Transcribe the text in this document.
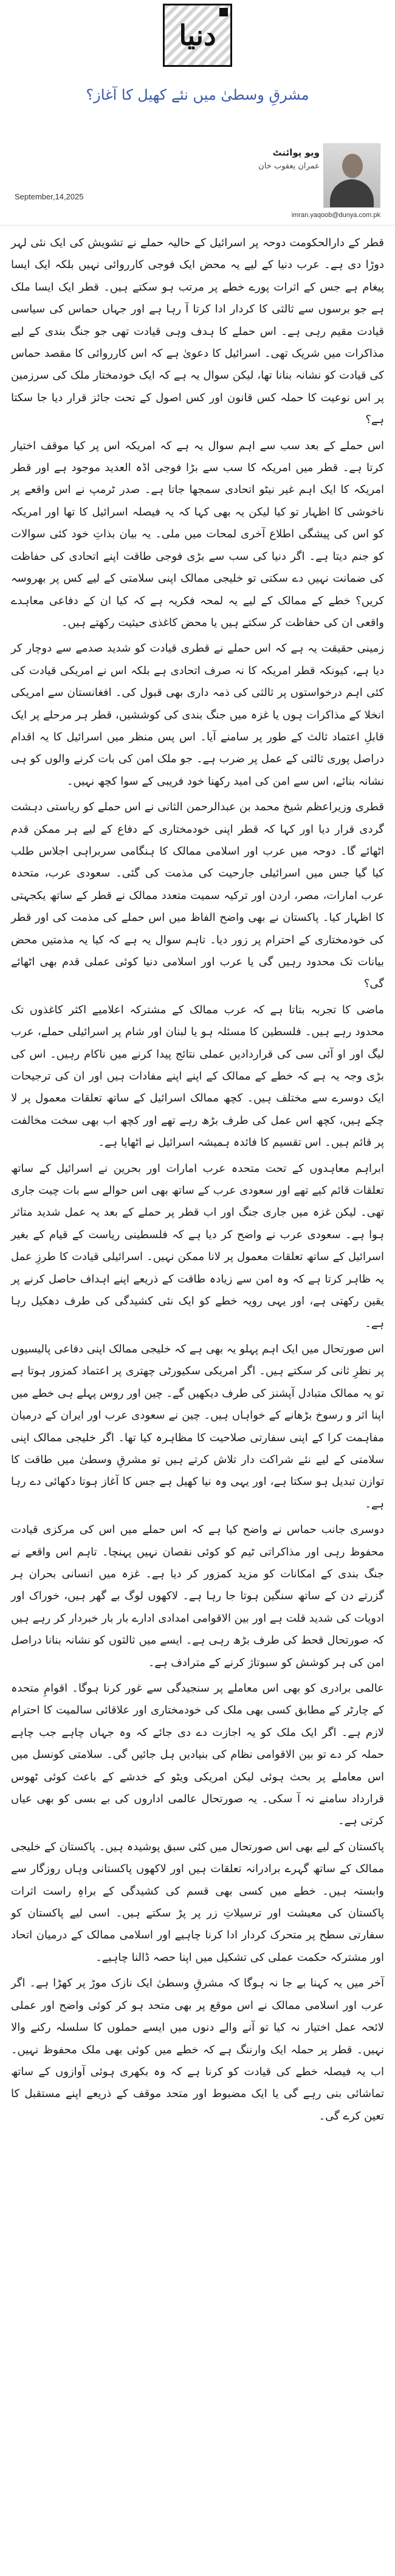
دنیا
مشرقِ وسطیٰ میں نئے کھیل کا آغاز؟
ویو پوائنٹ
عمران یعقوب خان
September,14,2025
imran.yaqoob@dunya.com.pk

قطر کے دارالحکومت دوحہ پر اسرائیل کے حالیہ حملے نے تشویش کی ایک نئی لہر دوڑا دی ہے۔ عرب دنیا کے لیے یہ محض ایک فوجی کارروائی نہیں بلکہ ایک ایسا پیغام ہے جس کے اثرات پورے خطے پر مرتب ہو سکتے ہیں۔ قطر ایک ایسا ملک ہے جو برسوں سے ثالثی کا کردار ادا کرتا آ رہا ہے اور جہاں حماس کی سیاسی قیادت مقیم رہی ہے۔ اس حملے کا ہدف وہی قیادت تھی جو جنگ بندی کے لیے مذاکرات میں شریک تھی۔ اسرائیل کا دعویٰ ہے کہ اس کارروائی کا مقصد حماس کی قیادت کو نشانہ بنانا تھا، لیکن سوال یہ ہے کہ ایک خودمختار ملک کی سرزمین پر اس نوعیت کا حملہ کس قانون اور کس اصول کے تحت جائز قرار دیا جا سکتا ہے؟

اس حملے کے بعد سب سے اہم سوال یہ ہے کہ امریکہ اس پر کیا موقف اختیار کرتا ہے۔ قطر میں امریکہ کا سب سے بڑا فوجی اڈہ العدید موجود ہے اور قطر امریکہ کا ایک اہم غیر نیٹو اتحادی سمجھا جاتا ہے۔ صدر ٹرمپ نے اس واقعے پر ناخوشی کا اظہار تو کیا لیکن یہ بھی کہا کہ یہ فیصلہ اسرائیل کا تھا اور امریکہ کو اس کی پیشگی اطلاع آخری لمحات میں ملی۔ یہ بیان بذاتِ خود کئی سوالات کو جنم دیتا ہے۔ اگر دنیا کی سب سے بڑی فوجی طاقت اپنے اتحادی کی حفاظت کی ضمانت نہیں دے سکتی تو خلیجی ممالک اپنی سلامتی کے لیے کس پر بھروسہ کریں؟ خطے کے ممالک کے لیے یہ لمحہ فکریہ ہے کہ کیا ان کے دفاعی معاہدے واقعی ان کی حفاظت کر سکتے ہیں یا محض کاغذی حیثیت رکھتے ہیں۔

زمینی حقیقت یہ ہے کہ اس حملے نے قطری قیادت کو شدید صدمے سے دوچار کر دیا ہے، کیونکہ قطر امریکہ کا نہ صرف اتحادی ہے بلکہ اس نے امریکی قیادت کی کئی اہم درخواستوں پر ثالثی کی ذمہ داری بھی قبول کی۔ افغانستان سے امریکی انخلا کے مذاکرات ہوں یا غزہ میں جنگ بندی کی کوششیں، قطر ہر مرحلے پر ایک قابلِ اعتماد ثالث کے طور پر سامنے آیا۔ اس پس منظر میں اسرائیل کا یہ اقدام دراصل پوری ثالثی کے عمل پر ضرب ہے۔ جو ملک امن کی بات کرنے والوں کو ہی نشانہ بنائے، اس سے امن کی امید رکھنا خود فریبی کے سوا کچھ نہیں۔

قطری وزیراعظم شیخ محمد بن عبدالرحمن الثانی نے اس حملے کو ریاستی دہشت گردی قرار دیا اور کہا کہ قطر اپنی خودمختاری کے دفاع کے لیے ہر ممکن قدم اٹھائے گا۔ دوحہ میں عرب اور اسلامی ممالک کا ہنگامی سربراہی اجلاس طلب کیا گیا جس میں اسرائیلی جارحیت کی مذمت کی گئی۔ سعودی عرب، متحدہ عرب امارات، مصر، اردن اور ترکیہ سمیت متعدد ممالک نے قطر کے ساتھ یکجہتی کا اظہار کیا۔ پاکستان نے بھی واضح الفاظ میں اس حملے کی مذمت کی اور قطر کی خودمختاری کے احترام پر زور دیا۔ تاہم سوال یہ ہے کہ کیا یہ مذمتیں محض بیانات تک محدود رہیں گی یا عرب اور اسلامی دنیا کوئی عملی قدم بھی اٹھائے گی؟

ماضی کا تجربہ بتاتا ہے کہ عرب ممالک کے مشترکہ اعلامیے اکثر کاغذوں تک محدود رہے ہیں۔ فلسطین کا مسئلہ ہو یا لبنان اور شام پر اسرائیلی حملے، عرب لیگ اور او آئی سی کی قراردادیں عملی نتائج پیدا کرنے میں ناکام رہیں۔ اس کی بڑی وجہ یہ ہے کہ خطے کے ممالک کے اپنے اپنے مفادات ہیں اور ان کی ترجیحات ایک دوسرے سے مختلف ہیں۔ کچھ ممالک اسرائیل کے ساتھ تعلقات معمول پر لا چکے ہیں، کچھ اس عمل کی طرف بڑھ رہے تھے اور کچھ اب بھی سخت مخالفت پر قائم ہیں۔ اس تقسیم کا فائدہ ہمیشہ اسرائیل نے اٹھایا ہے۔

ابراہم معاہدوں کے تحت متحدہ عرب امارات اور بحرین نے اسرائیل کے ساتھ تعلقات قائم کیے تھے اور سعودی عرب کے ساتھ بھی اس حوالے سے بات چیت جاری تھی۔ لیکن غزہ میں جاری جنگ اور اب قطر پر حملے کے بعد یہ عمل شدید متاثر ہوا ہے۔ سعودی عرب نے واضح کر دیا ہے کہ فلسطینی ریاست کے قیام کے بغیر اسرائیل کے ساتھ تعلقات معمول پر لانا ممکن نہیں۔ اسرائیلی قیادت کا طرزِ عمل یہ ظاہر کرتا ہے کہ وہ امن سے زیادہ طاقت کے ذریعے اپنے اہداف حاصل کرنے پر یقین رکھتی ہے، اور یہی رویہ خطے کو ایک نئی کشیدگی کی طرف دھکیل رہا ہے۔

اس صورتحال میں ایک اہم پہلو یہ بھی ہے کہ خلیجی ممالک اپنی دفاعی پالیسیوں پر نظرِ ثانی کر سکتے ہیں۔ اگر امریکی سکیورٹی چھتری پر اعتماد کمزور ہوتا ہے تو یہ ممالک متبادل آپشنز کی طرف دیکھیں گے۔ چین اور روس پہلے ہی خطے میں اپنا اثر و رسوخ بڑھانے کے خواہاں ہیں۔ چین نے سعودی عرب اور ایران کے درمیان مفاہمت کرا کے اپنی سفارتی صلاحیت کا مظاہرہ کیا تھا۔ اگر خلیجی ممالک اپنی سلامتی کے لیے نئے شراکت دار تلاش کرتے ہیں تو مشرقِ وسطیٰ میں طاقت کا توازن تبدیل ہو سکتا ہے، اور یہی وہ نیا کھیل ہے جس کا آغاز ہوتا دکھائی دے رہا ہے۔

دوسری جانب حماس نے واضح کیا ہے کہ اس حملے میں اس کی مرکزی قیادت محفوظ رہی اور مذاکراتی ٹیم کو کوئی نقصان نہیں پہنچا۔ تاہم اس واقعے نے جنگ بندی کے امکانات کو مزید کمزور کر دیا ہے۔ غزہ میں انسانی بحران ہر گزرتے دن کے ساتھ سنگین ہوتا جا رہا ہے۔ لاکھوں لوگ بے گھر ہیں، خوراک اور ادویات کی شدید قلت ہے اور بین الاقوامی امدادی ادارے بار بار خبردار کر رہے ہیں کہ صورتحال قحط کی طرف بڑھ رہی ہے۔ ایسے میں ثالثوں کو نشانہ بنانا دراصل امن کی ہر کوشش کو سبوتاژ کرنے کے مترادف ہے۔

عالمی برادری کو بھی اس معاملے پر سنجیدگی سے غور کرنا ہوگا۔ اقوامِ متحدہ کے چارٹر کے مطابق کسی بھی ملک کی خودمختاری اور علاقائی سالمیت کا احترام لازم ہے۔ اگر ایک ملک کو یہ اجازت دے دی جائے کہ وہ جہاں چاہے جب چاہے حملہ کر دے تو بین الاقوامی نظام کی بنیادیں ہل جائیں گی۔ سلامتی کونسل میں اس معاملے پر بحث ہوئی لیکن امریکی ویٹو کے خدشے کے باعث کوئی ٹھوس قرارداد سامنے نہ آ سکی۔ یہ صورتحال عالمی اداروں کی بے بسی کو بھی عیاں کرتی ہے۔

پاکستان کے لیے بھی اس صورتحال میں کئی سبق پوشیدہ ہیں۔ پاکستان کے خلیجی ممالک کے ساتھ گہرے برادرانہ تعلقات ہیں اور لاکھوں پاکستانی وہاں روزگار سے وابستہ ہیں۔ خطے میں کسی بھی قسم کی کشیدگی کے براہِ راست اثرات پاکستان کی معیشت اور ترسیلاتِ زر پر پڑ سکتے ہیں۔ اسی لیے پاکستان کو سفارتی سطح پر متحرک کردار ادا کرنا چاہیے اور اسلامی ممالک کے درمیان اتحاد اور مشترکہ حکمت عملی کی تشکیل میں اپنا حصہ ڈالنا چاہیے۔

آخر میں یہ کہنا بے جا نہ ہوگا کہ مشرقِ وسطیٰ ایک نازک موڑ پر کھڑا ہے۔ اگر عرب اور اسلامی ممالک نے اس موقع پر بھی متحد ہو کر کوئی واضح اور عملی لائحہ عمل اختیار نہ کیا تو آنے والے دنوں میں ایسے حملوں کا سلسلہ رکنے والا نہیں۔ قطر پر حملہ ایک وارننگ ہے کہ خطے میں کوئی بھی ملک محفوظ نہیں۔ اب یہ فیصلہ خطے کی قیادت کو کرنا ہے کہ وہ بکھری ہوئی آوازوں کے ساتھ تماشائی بنی رہے گی یا ایک مضبوط اور متحد موقف کے ذریعے اپنے مستقبل کا تعین کرے گی۔
